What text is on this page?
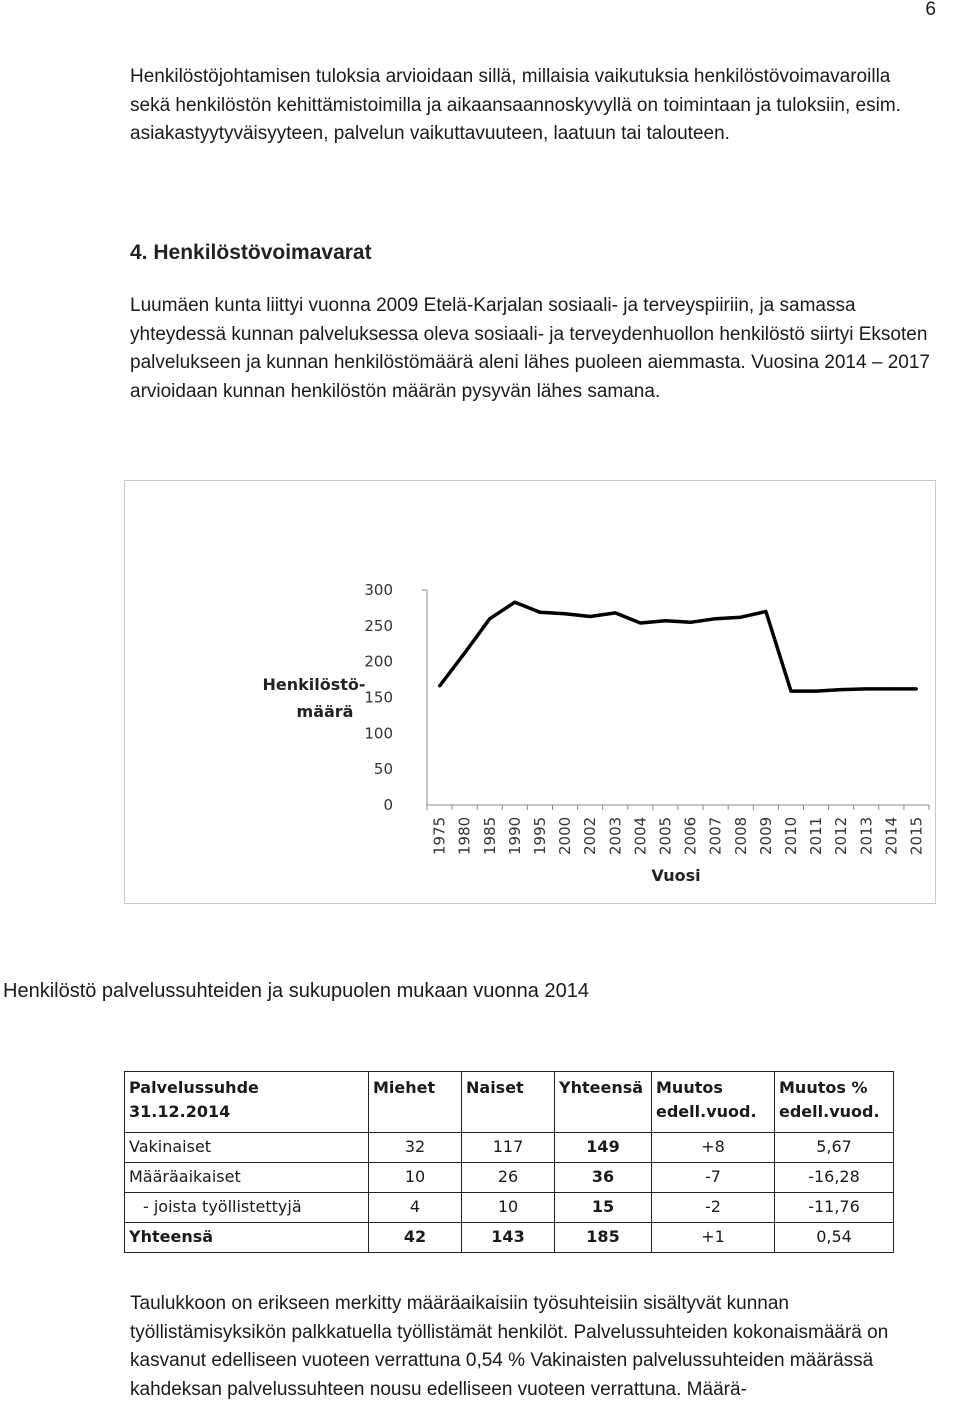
6

Henkilöstöjohtamisen tuloksia arvioidaan sillä, millaisia vaikutuksia henkilöstövoimavaroilla sekä henkilöstön kehittämistoimilla ja aikaansaannoskyvyllä on toimintaan ja tuloksiin, esim. asiakastyytyväisyyteen, palvelun vaikuttavuuteen, laatuun tai talouteen.

4. Henkilöstövoimavarat

Luumäen kunta liittyi vuonna 2009 Etelä-Karjalan sosiaali- ja terveyspiiriin, ja samassa yhteydessä kunnan palveluksessa oleva sosiaali- ja terveydenhuollon henkilöstö siirtyi Eksoten palvelukseen ja kunnan henkilöstömäärä aleni lähes puoleen aiemmasta. Vuosina 2014 – 2017 arvioidaan kunnan henkilöstön määrän pysyvän lähes samana.

0
50
100
150
200
250
300
1975 1980 1985 1990 1995 2000 2002 2003 2004 2005 2006 2007 2008 2009 2010 2011 2012 2013 2014 2015
Henkilöstö-
määrä
Vuosi

Henkilöstö palvelussuhteiden ja sukupuolen mukaan vuonna 2014

Palvelussuhde 31.12.2014	Miehet	Naiset	Yhteensä	Muutos edell.vuod.	Muutos % edell.vuod.
Vakinaiset	32	117	149	+8	5,67
Määräaikaiset	10	26	36	-7	-16,28
- joista työllistettyjä	4	10	15	-2	-11,76
Yhteensä	42	143	185	+1	0,54

Taulukkoon on erikseen merkitty määräaikaisiin työsuhteisiin sisältyvät kunnan työllistämisyksikön palkkatuella työllistämät henkilöt. Palvelussuhteiden kokonaismäärä on kasvanut edelliseen vuoteen verrattuna 0,54 % Vakinaisten palvelussuhteiden määrässä kahdeksan palvelussuhteen nousu edelliseen vuoteen verrattuna. Määrä-
